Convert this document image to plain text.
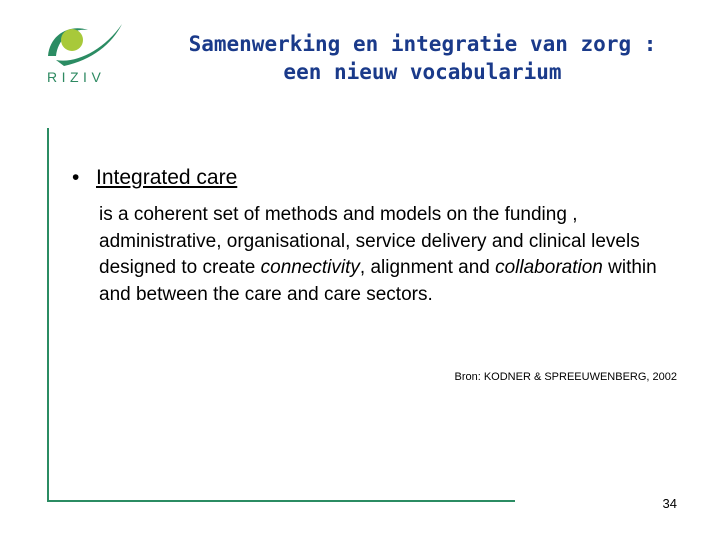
RIZIV
Samenwerking en integratie van zorg :
een nieuw vocabularium
• Integrated care
is a coherent set of methods and models on the funding , administrative, organisational, service delivery and clinical levels designed to create connectivity, alignment and collaboration within and between the care and care sectors.
Bron: KODNER & SPREEUWENBERG, 2002
34
